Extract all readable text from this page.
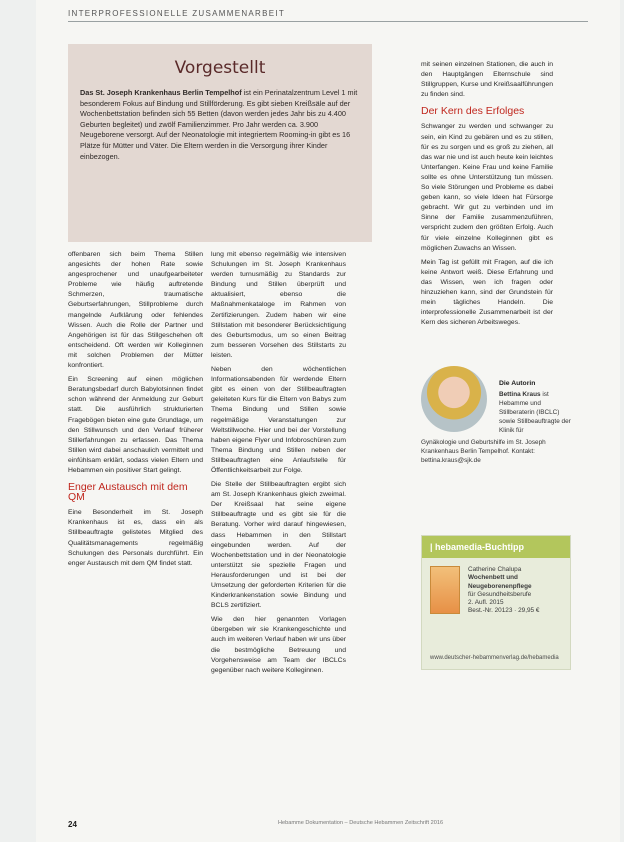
INTERPROFESSIONELLE ZUSAMMENARBEIT
Vorgestellt
Das St. Joseph Krankenhaus Berlin Tempelhof ist ein Perinatalzentrum Level 1 mit besonderem Fokus auf Bindung und Stillförderung. Es gibt sieben Kreißsäle auf der Wochenbettstation befinden sich 55 Betten (davon werden jedes Jahr bis zu 4.400 Geburten begleitet) und zwölf Familienzimmer. Pro Jahr werden ca. 3.900 Neugeborene versorgt. Auf der Neonatologie mit integriertem Rooming-in gibt es 16 Plätze für Mütter und Väter. Die Eltern werden in die Versorgung ihrer Kinder einbezogen.

offenbaren sich beim Thema Stillen angesichts der hohen Rate sowie angesprochener und unaufgearbeiteter Probleme wie häufig auftretende Schmerzen, traumatische Geburtserfahrungen, Stillprobleme durch mangelnde Aufklärung oder fehlendes Wissen. Auch die Rolle der Partner und Angehörigen ist für das Stillgeschehen oft entscheidend. Oft werden wir Kolleginnen mit solchen Problemen der Mütter konfrontiert.

Ein Screening auf einen möglichen Beratungsbedarf durch Babylotsinnen findet schon während der Anmeldung zur Geburt statt. Die ausführlich strukturierten Fragebögen bieten eine gute Grundlage, um den Stillwunsch und den Verlauf früherer Stillerfahrungen zu erfassen. Das Thema Stillen wird dabei anschaulich vermittelt und einfühlsam erklärt, sodass vielen Eltern und Hebammen ein positiver Start gelingt.

Enger Austausch mit dem QM

Eine Besonderheit im St. Joseph Krankenhaus ist es, dass ein als Stillbeauftragte gelistetes Mitglied des Qualitätsmanagements regelmäßig Schulungen des Personals durchführt. Ein enger Austausch mit dem QM findet statt.

lung mit ebenso regelmäßig wie intensiven Schulungen im St. Joseph Krankenhaus werden turnusmäßig zu Standards zur Bindung und Stillen überprüft und aktualisiert, ebenso die Maßnahmenkataloge im Rahmen von Zertifizierungen. Zudem haben wir eine Stillstation mit besonderer Berücksichtigung des Geburtsmodus, um so einen Beitrag zum besseren Vorsehen des Stillstarts zu leisten.

Neben den wöchentlichen Informationsabenden für werdende Eltern gibt es einen von der Stillbeauftragten geleiteten Kurs für die Eltern von Babys zum Thema Bindung und Stillen sowie regelmäßige Veranstaltungen zur Weltstillwoche. Hier und bei der Vorstellung haben eigene Flyer und Infobroschüren zum Thema Bindung und Stillen neben der Stillbeauftragten eine Anlaufstelle für Öffentlichkeitsarbeit zur Folge.

Die Stelle der Stillbeauftragten ergibt sich am St. Joseph Krankenhaus gleich zweimal. Der Kreißsaal hat seine eigene Stillbeauftragte und es gibt sie für die Beratung. Vorher wird darauf hingewiesen, dass Hebammen in den Stillstart eingebunden werden. Auf der Wochenbettstation und in der Neonatologie unterstützt sie spezielle Fragen und Herausforderungen und ist bei der Umsetzung der geforderten Kriterien für die Kinderkrankenstation sowie Bindung und BCLS zertifiziert.

Wie den hier genannten Vorlagen übergeben wir sie Krankengeschichte und auch im weiteren Verlauf haben wir uns über die bestmögliche Betreuung und Vorgehensweise am Team der IBCLCs gegenüber nach weitere Kolleginnen.

mit seinen einzelnen Stationen, die auch in den Hauptgängen Elternschule sind Stillgruppen, Kurse und Kreißsaalführungen zu finden sind.

Der Kern des Erfolges

Schwanger zu werden und schwanger zu sein, ein Kind zu gebären und es zu stillen, für es zu sorgen und es groß zu ziehen, all das war nie und ist auch heute kein leichtes Unterfangen. Keine Frau und keine Familie sollte es ohne Unterstützung tun müssen. So viele Störungen und Probleme es dabei geben kann, so viele Ideen hat Fürsorge gebracht. Wir gut zu verbinden und im Sinne der Familie zusammenzuführen, verspricht zudem den größten Erfolg. Auch für viele einzelne Kolleginnen gibt es möglichen Zuwachs an Wissen.

Mein Tag ist gefüllt mit Fragen, auf die ich keine Antwort weiß. Diese Erfahrung und das Wissen, wen ich fragen oder hinzuziehen kann, sind der Grundstein für mein tägliches Handeln. Die interprofessionelle Zusammenarbeit ist der Kern des sicheren Arbeitsweges.

Die Autorin
Bettina Kraus ist Hebamme und Stillberaterin (IBCLC) sowie Stillbeauftragte der Klinik für
Gynäkologie und Geburtshilfe im St. Joseph Krankenhaus Berlin Tempelhof. Kontakt: bettina.kraus@sjk.de
| hebamedia-Buchtipp
Catherine Chalupa
Wochenbett und Neugeborenenpflege
für Gesundheitsberufe
2. Aufl. 2015
Best.-Nr. 20123 · 29,95 €
www.deutscher-hebammenverlag.de/hebamedia
24	Hebamme Dokumentation – Deutsche Hebammen Zeitschrift 2016
